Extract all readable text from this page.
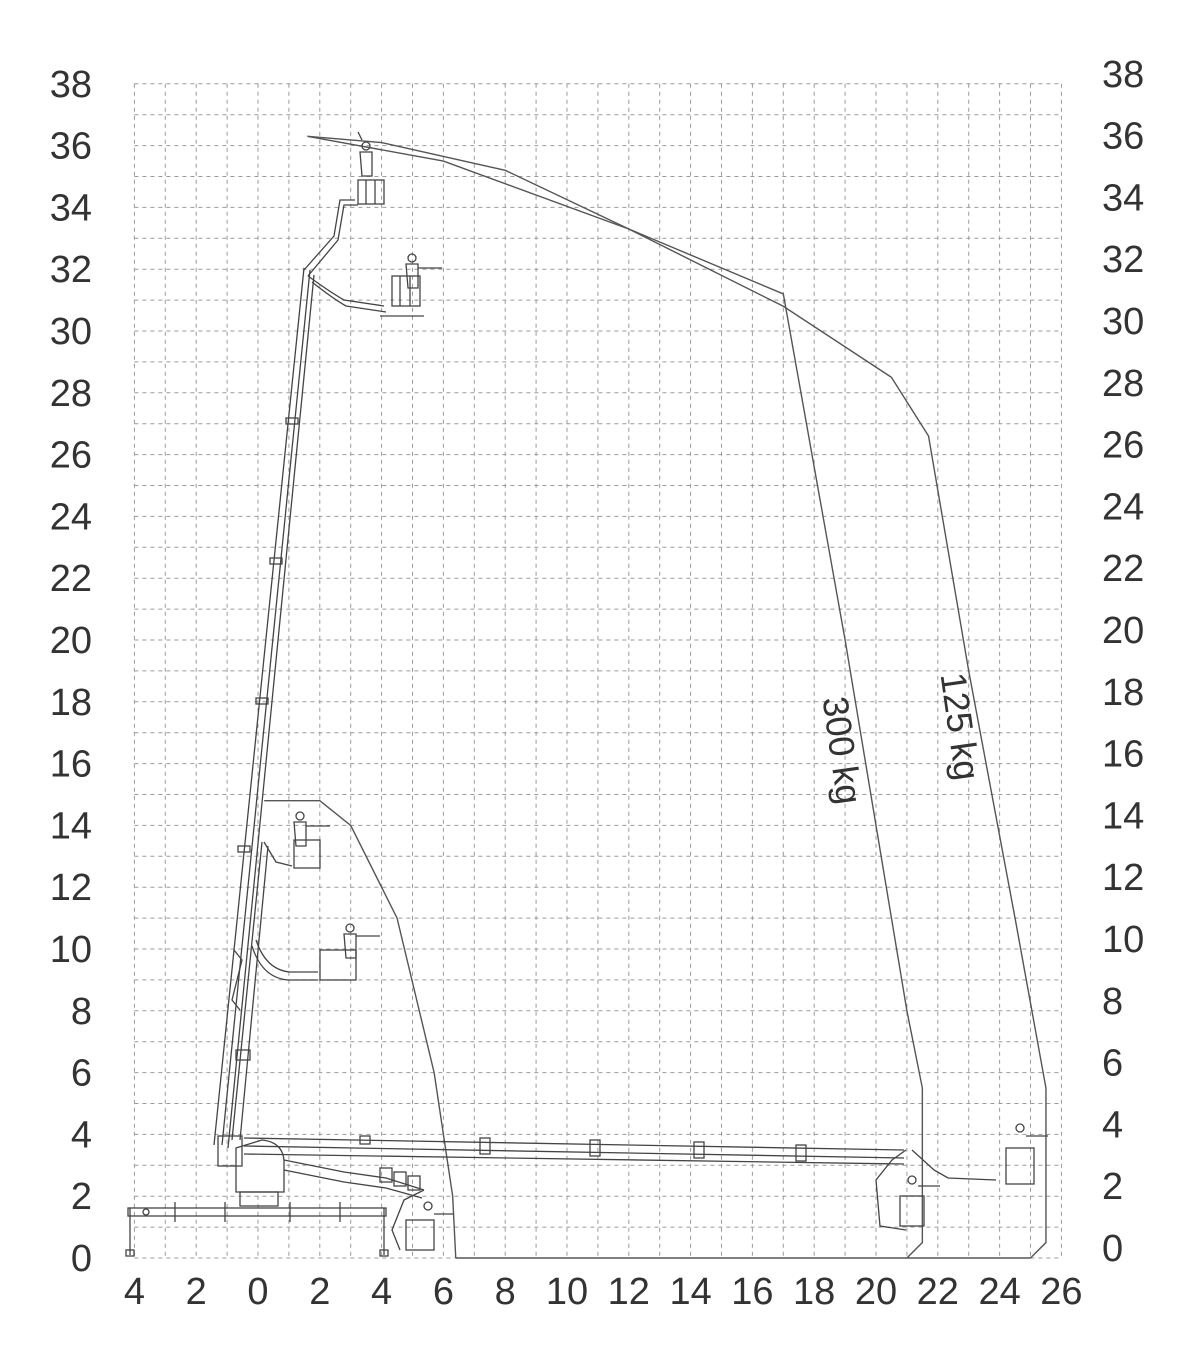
4 2 0 2 4 6 8 10 12 14 16 18 20 22 24 26
38
36
34
32
30
28
26
24
22
20
18
16
14
12
10
8
6
4
2
0
38
36
34
32
30
28
26
24
22
20
18
16
14
12
10
8
6
4
2
0
300 kg 125 kg
